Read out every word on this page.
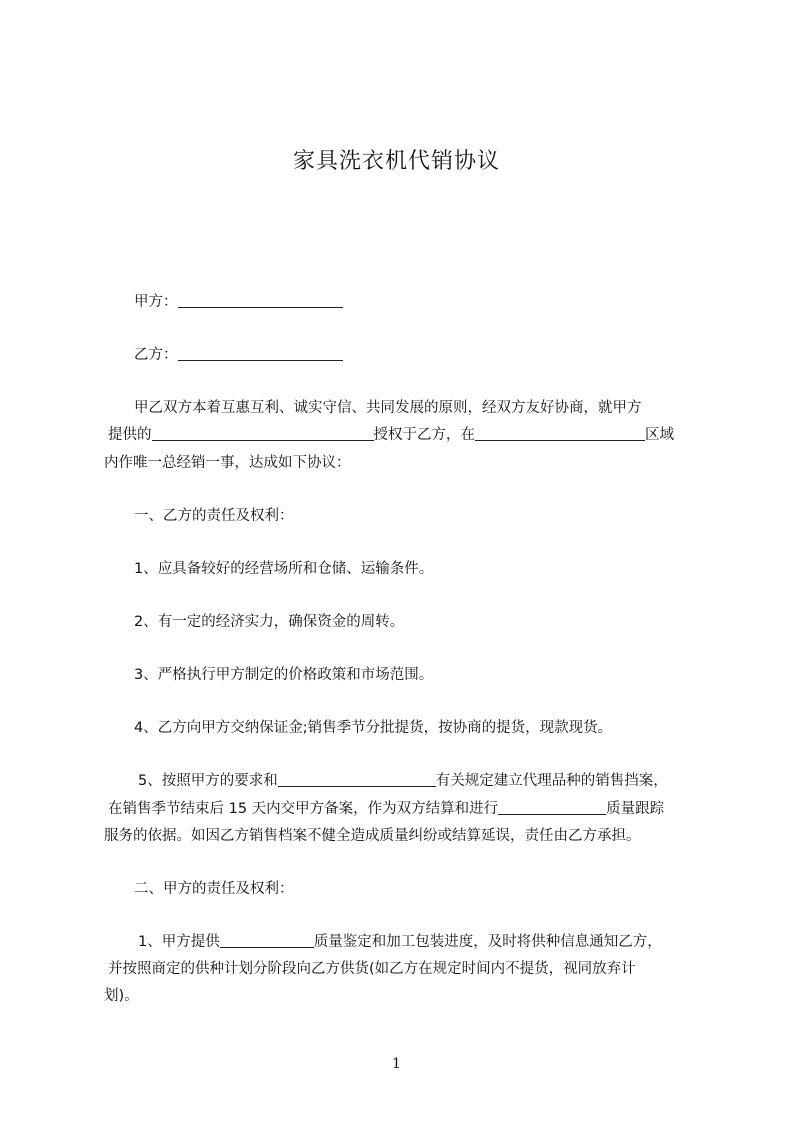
家具洗衣机代销协议
甲方：
乙方：
甲乙双方本着互惠互利、诚实守信、共同发展的原则，经双方友好协商，就甲方
提供的	授权于乙方，在	区域
内作唯一总经销一事，达成如下协议：
一、乙方的责任及权利：
1、应具备较好的经营场所和仓储、运输条件。
2、有一定的经济实力，确保资金的周转。
3、严格执行甲方制定的价格政策和市场范围。
4、乙方向甲方交纳保证金;销售季节分批提货，按协商的提货，现款现货。
5、按照甲方的要求和	有关规定建立代理品种的销售挡案，
在销售季节结束后 15 天内交甲方备案，作为双方结算和进行	质量跟踪
服务的依据。如因乙方销售档案不健全造成质量纠纷或结算延误，责任由乙方承担。
二、甲方的责任及权利：
1、甲方提供	质量鉴定和加工包装进度，及时将供种信息通知乙方，
并按照商定的供种计划分阶段向乙方供货(如乙方在规定时间内不提货，视同放弃计
划)。
1
